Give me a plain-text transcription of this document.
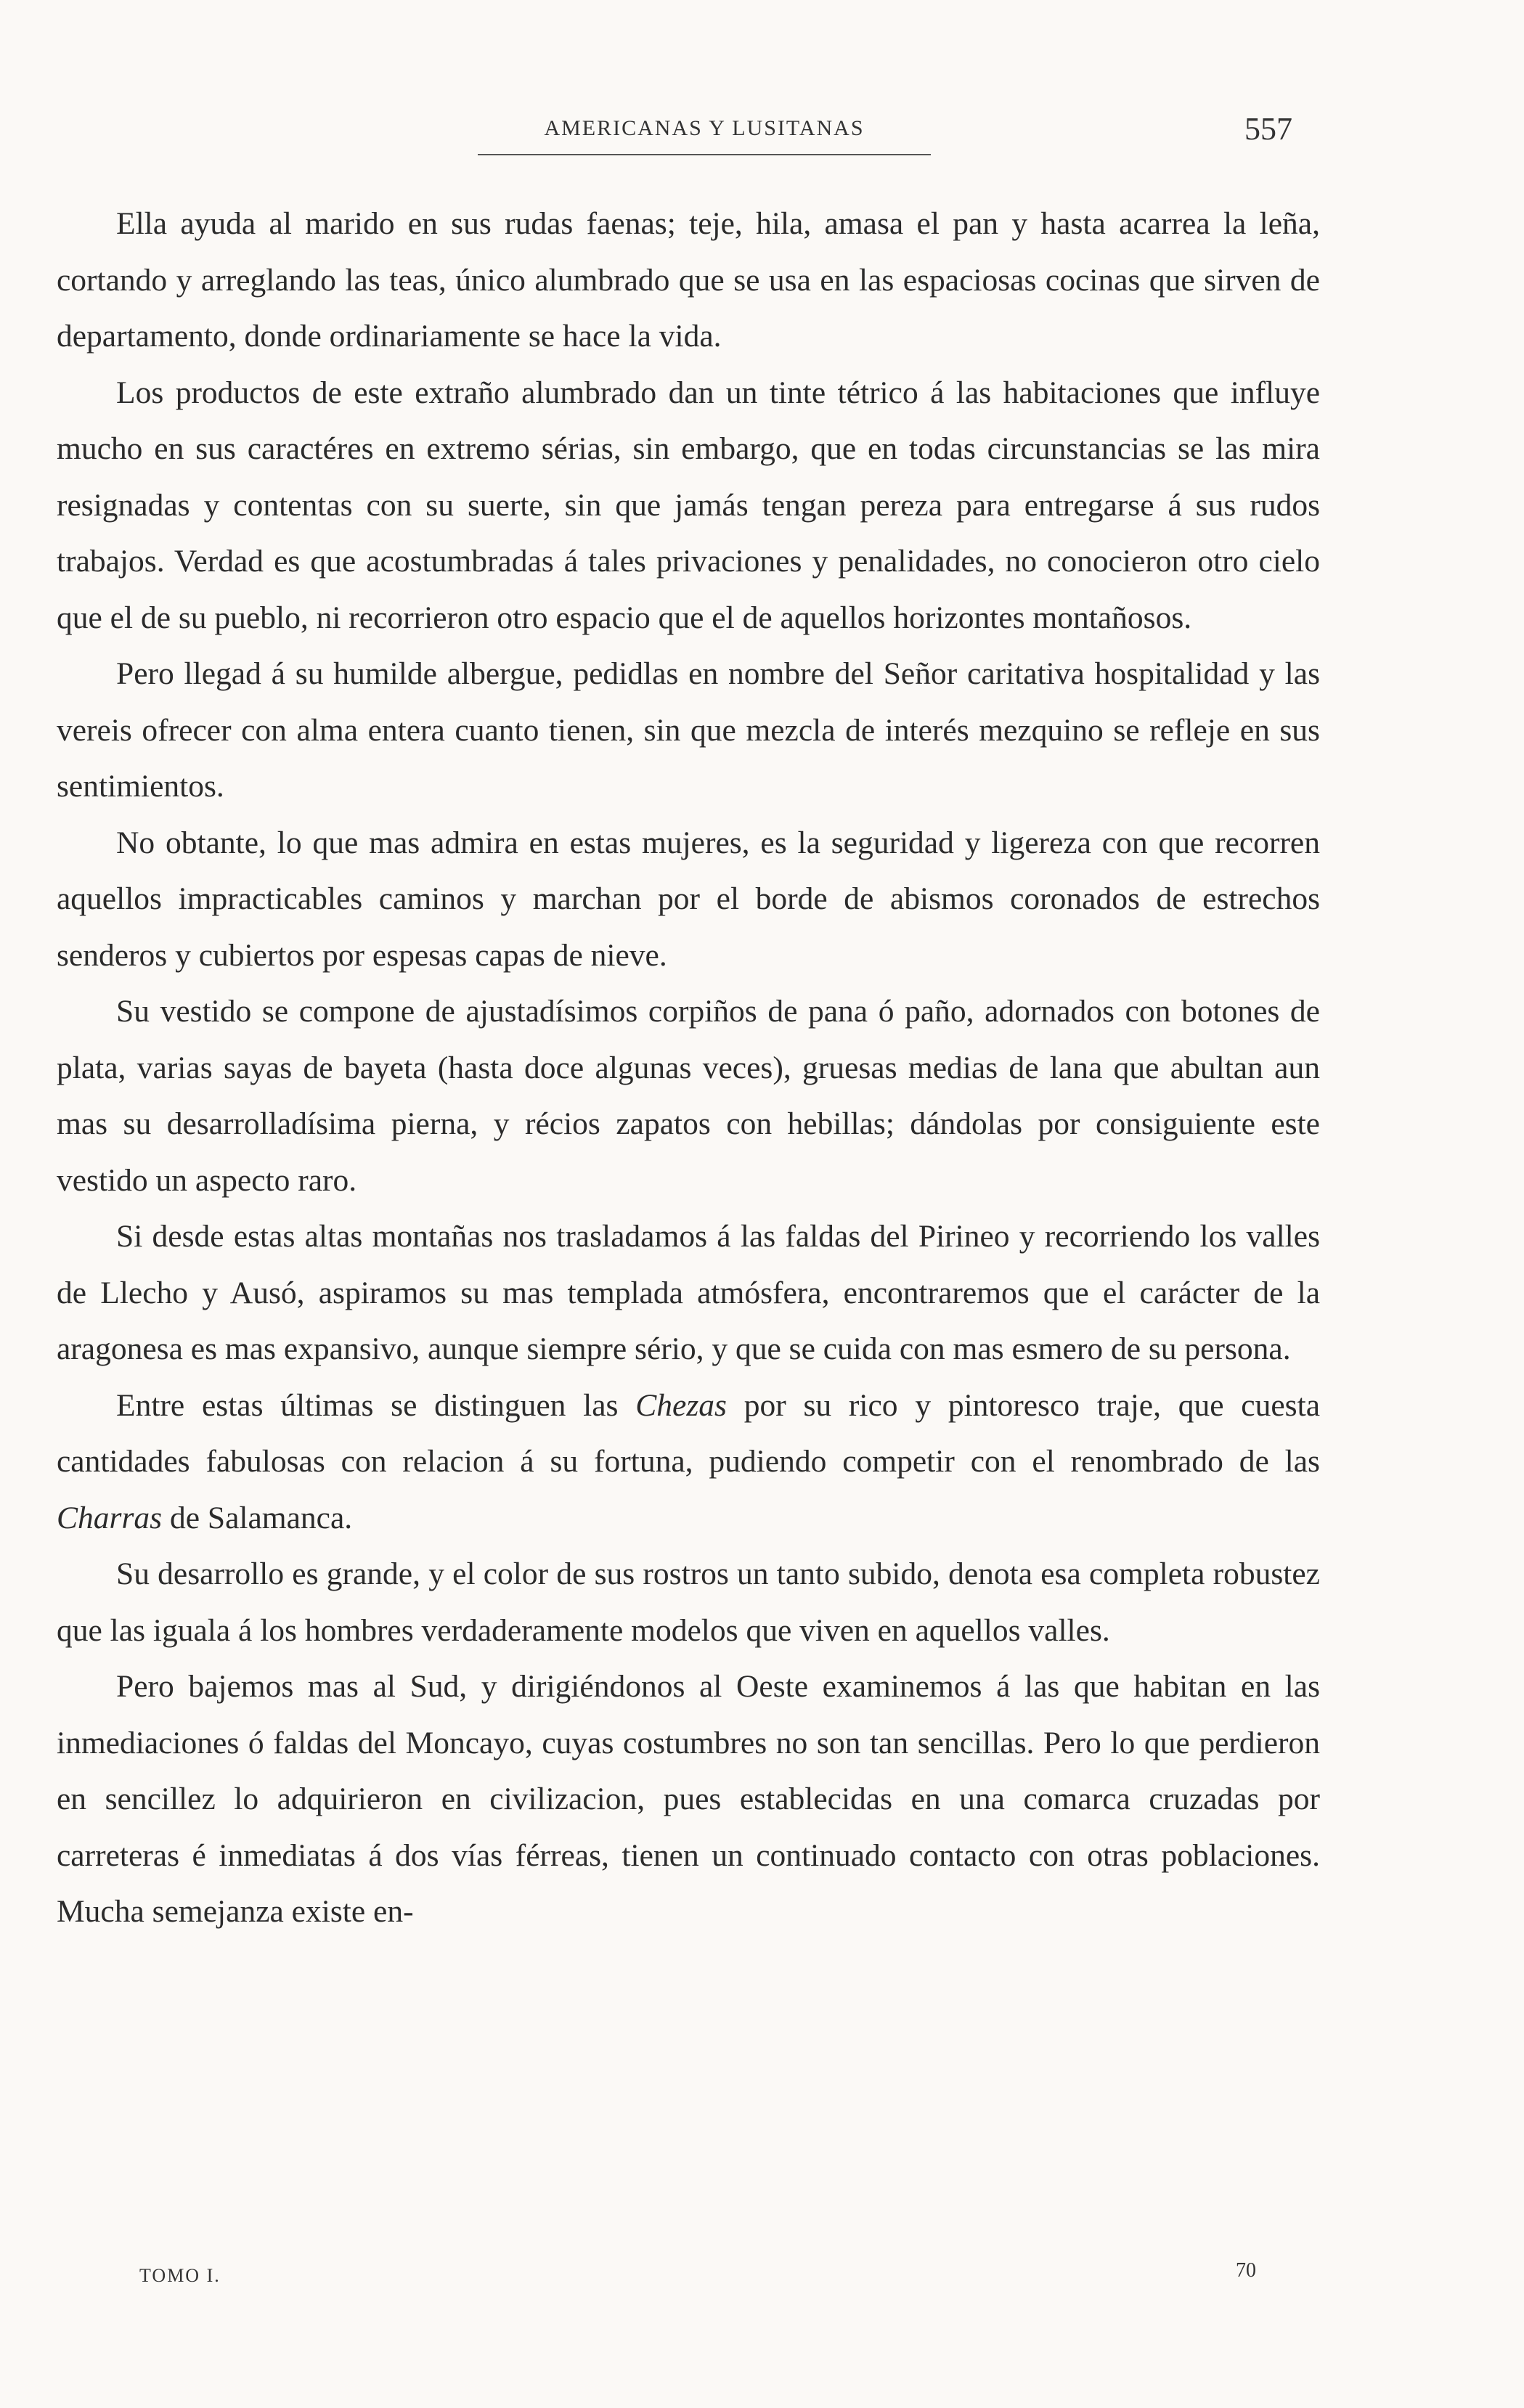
AMERICANAS Y LUSITANAS	557

Ella ayuda al marido en sus rudas faenas; teje, hila, amasa el pan y hasta acarrea la leña, cortando y arreglando las teas, único alumbrado que se usa en las espaciosas cocinas que sirven de departamento, donde ordinariamente se hace la vida.

Los productos de este extraño alumbrado dan un tinte tétrico á las habitaciones que influye mucho en sus caractéres en extremo sérias, sin embargo, que en todas circunstancias se las mira resignadas y contentas con su suerte, sin que jamás tengan pereza para entregarse á sus rudos trabajos. Verdad es que acostumbradas á tales privaciones y penalidades, no conocieron otro cielo que el de su pueblo, ni recorrieron otro espacio que el de aquellos horizontes montañosos.

Pero llegad á su humilde albergue, pedidlas en nombre del Señor caritativa hospitalidad y las vereis ofrecer con alma entera cuanto tienen, sin que mezcla de interés mezquino se refleje en sus sentimientos.

No obtante, lo que mas admira en estas mujeres, es la seguridad y ligereza con que recorren aquellos impracticables caminos y marchan por el borde de abismos coronados de estrechos senderos y cubiertos por espesas capas de nieve.

Su vestido se compone de ajustadísimos corpiños de pana ó paño, adornados con botones de plata, varias sayas de bayeta (hasta doce algunas veces), gruesas medias de lana que abultan aun mas su desarrolladísima pierna, y récios zapatos con hebillas; dándolas por consiguiente este vestido un aspecto raro.

Si desde estas altas montañas nos trasladamos á las faldas del Pirineo y recorriendo los valles de Llecho y Ausó, aspiramos su mas templada atmósfera, encontraremos que el carácter de la aragonesa es mas expansivo, aunque siempre sério, y que se cuida con mas esmero de su persona.

Entre estas últimas se distinguen las Chezas por su rico y pintoresco traje, que cuesta cantidades fabulosas con relacion á su fortuna, pudiendo competir con el renombrado de las Charras de Salamanca.

Su desarrollo es grande, y el color de sus rostros un tanto subido, denota esa completa robustez que las iguala á los hombres verdaderamente modelos que viven en aquellos valles.

Pero bajemos mas al Sud, y dirigiéndonos al Oeste examinemos á las que habitan en las inmediaciones ó faldas del Moncayo, cuyas costumbres no son tan sencillas. Pero lo que perdieron en sencillez lo adquirieron en civilizacion, pues establecidas en una comarca cruzadas por carreteras é inmediatas á dos vías férreas, tienen un continuado contacto con otras poblaciones. Mucha semejanza existe en-

TOMO I.	70
